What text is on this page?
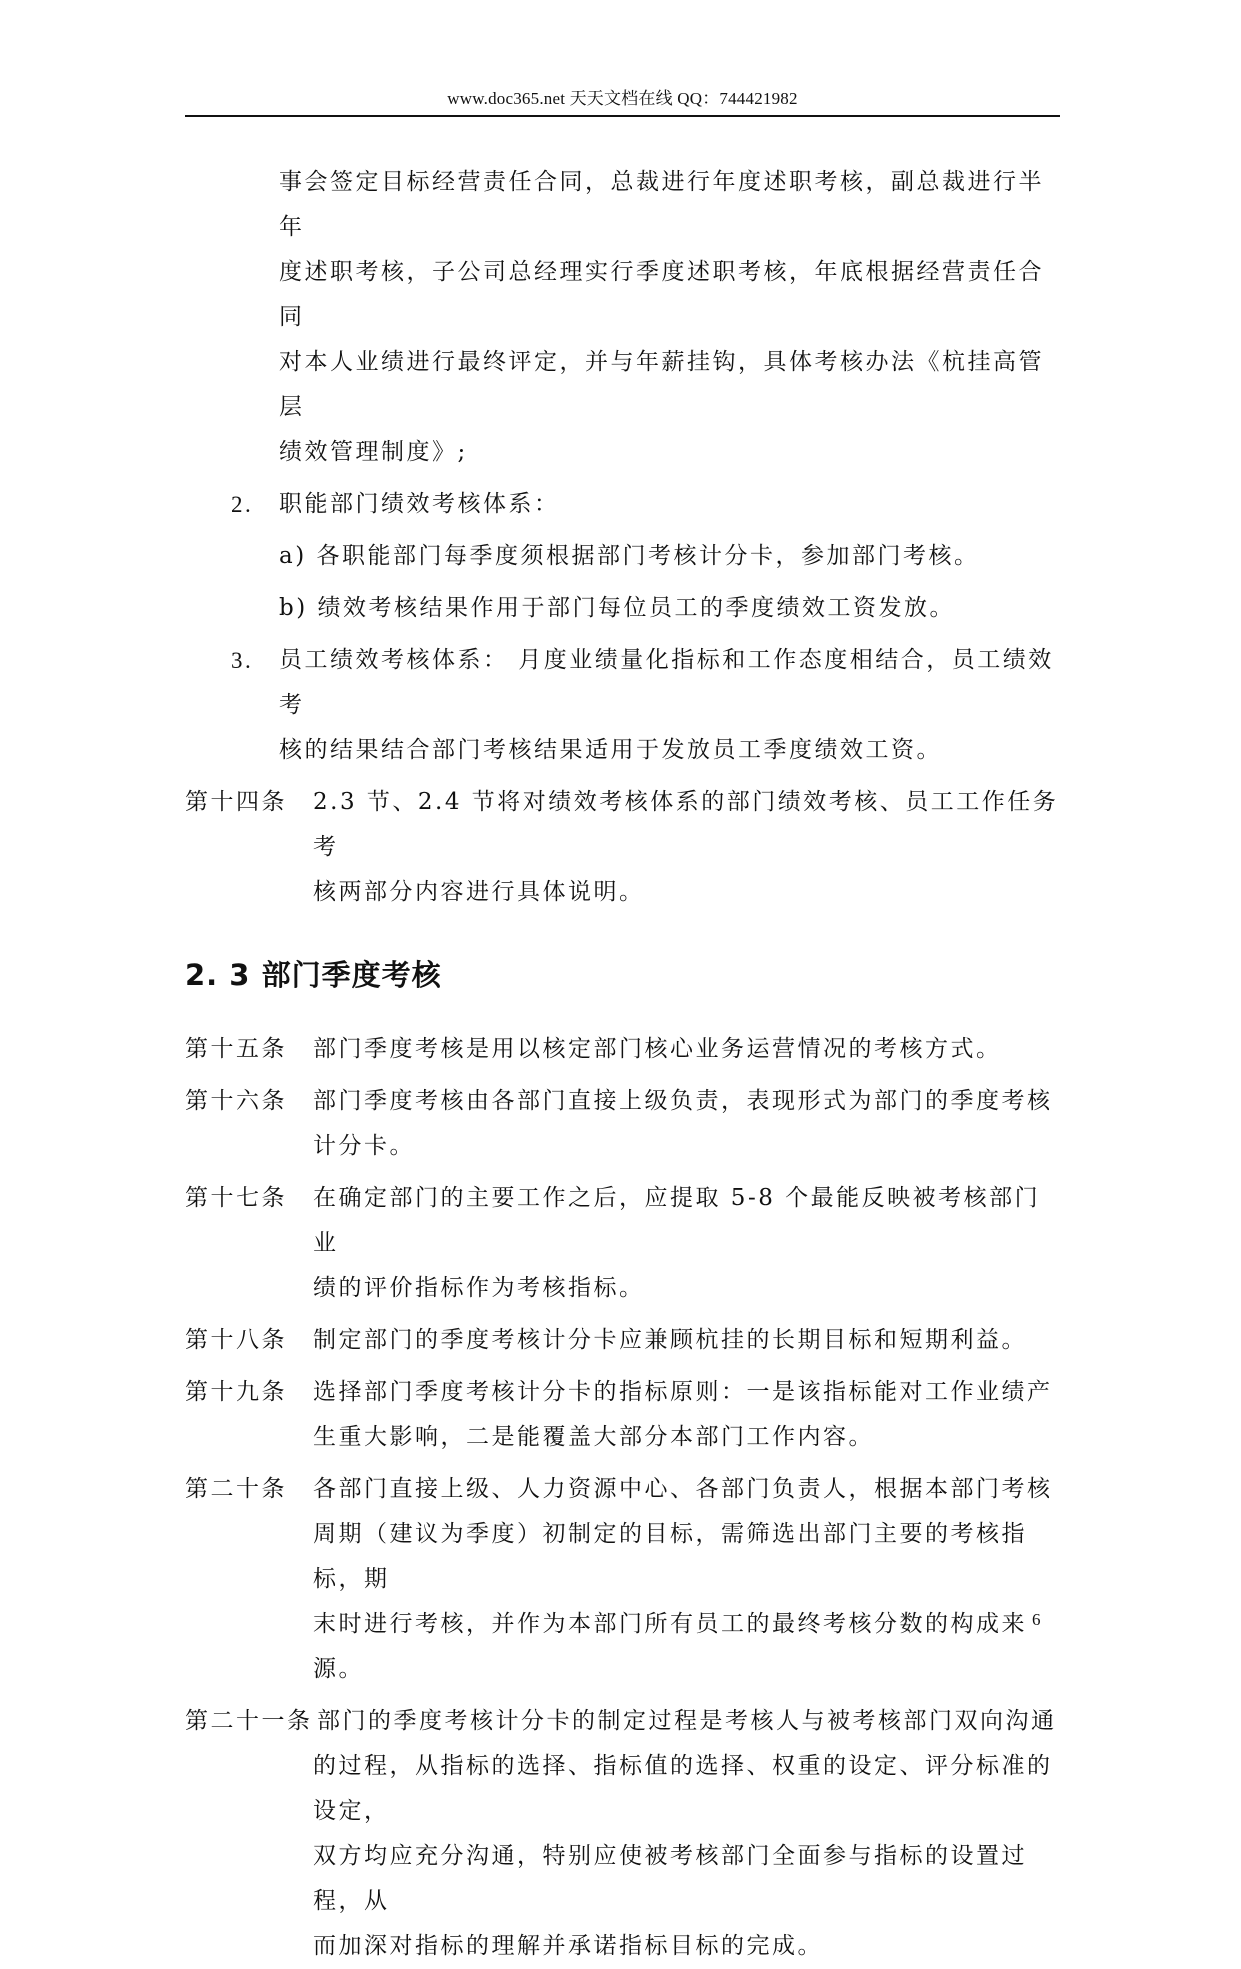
www.doc365.net 天天文档在线 QQ：744421982
事会签定目标经营责任合同，总裁进行年度述职考核，副总裁进行半年
度述职考核，子公司总经理实行季度述职考核，年底根据经营责任合同
对本人业绩进行最终评定，并与年薪挂钩，具体考核办法《杭挂高管层
绩效管理制度》;
2. 职能部门绩效考核体系：
a) 各职能部门每季度须根据部门考核计分卡，参加部门考核。
b) 绩效考核结果作用于部门每位员工的季度绩效工资发放。
3. 员工绩效考核体系： 月度业绩量化指标和工作态度相结合，员工绩效考
核的结果结合部门考核结果适用于发放员工季度绩效工资。
第十四条 2.3 节、2.4 节将对绩效考核体系的部门绩效考核、员工工作任务考
核两部分内容进行具体说明。
2. 3 部门季度考核
第十五条 部门季度考核是用以核定部门核心业务运营情况的考核方式。
第十六条 部门季度考核由各部门直接上级负责，表现形式为部门的季度考核
计分卡。
第十七条 在确定部门的主要工作之后，应提取 5-8 个最能反映被考核部门业
绩的评价指标作为考核指标。
第十八条 制定部门的季度考核计分卡应兼顾杭挂的长期目标和短期利益。
第十九条 选择部门季度考核计分卡的指标原则：一是该指标能对工作业绩产
生重大影响，二是能覆盖大部分本部门工作内容。
第二十条 各部门直接上级、人力资源中心、各部门负责人，根据本部门考核
周期（建议为季度）初制定的目标，需筛选出部门主要的考核指标，期
末时进行考核，并作为本部门所有员工的最终考核分数的构成来源。
第二十一条 部门的季度考核计分卡的制定过程是考核人与被考核部门双向沟通
的过程，从指标的选择、指标值的选择、权重的设定、评分标准的设定，
双方均应充分沟通，特别应使被考核部门全面参与指标的设置过程，从
而加深对指标的理解并承诺指标目标的完成。
6
